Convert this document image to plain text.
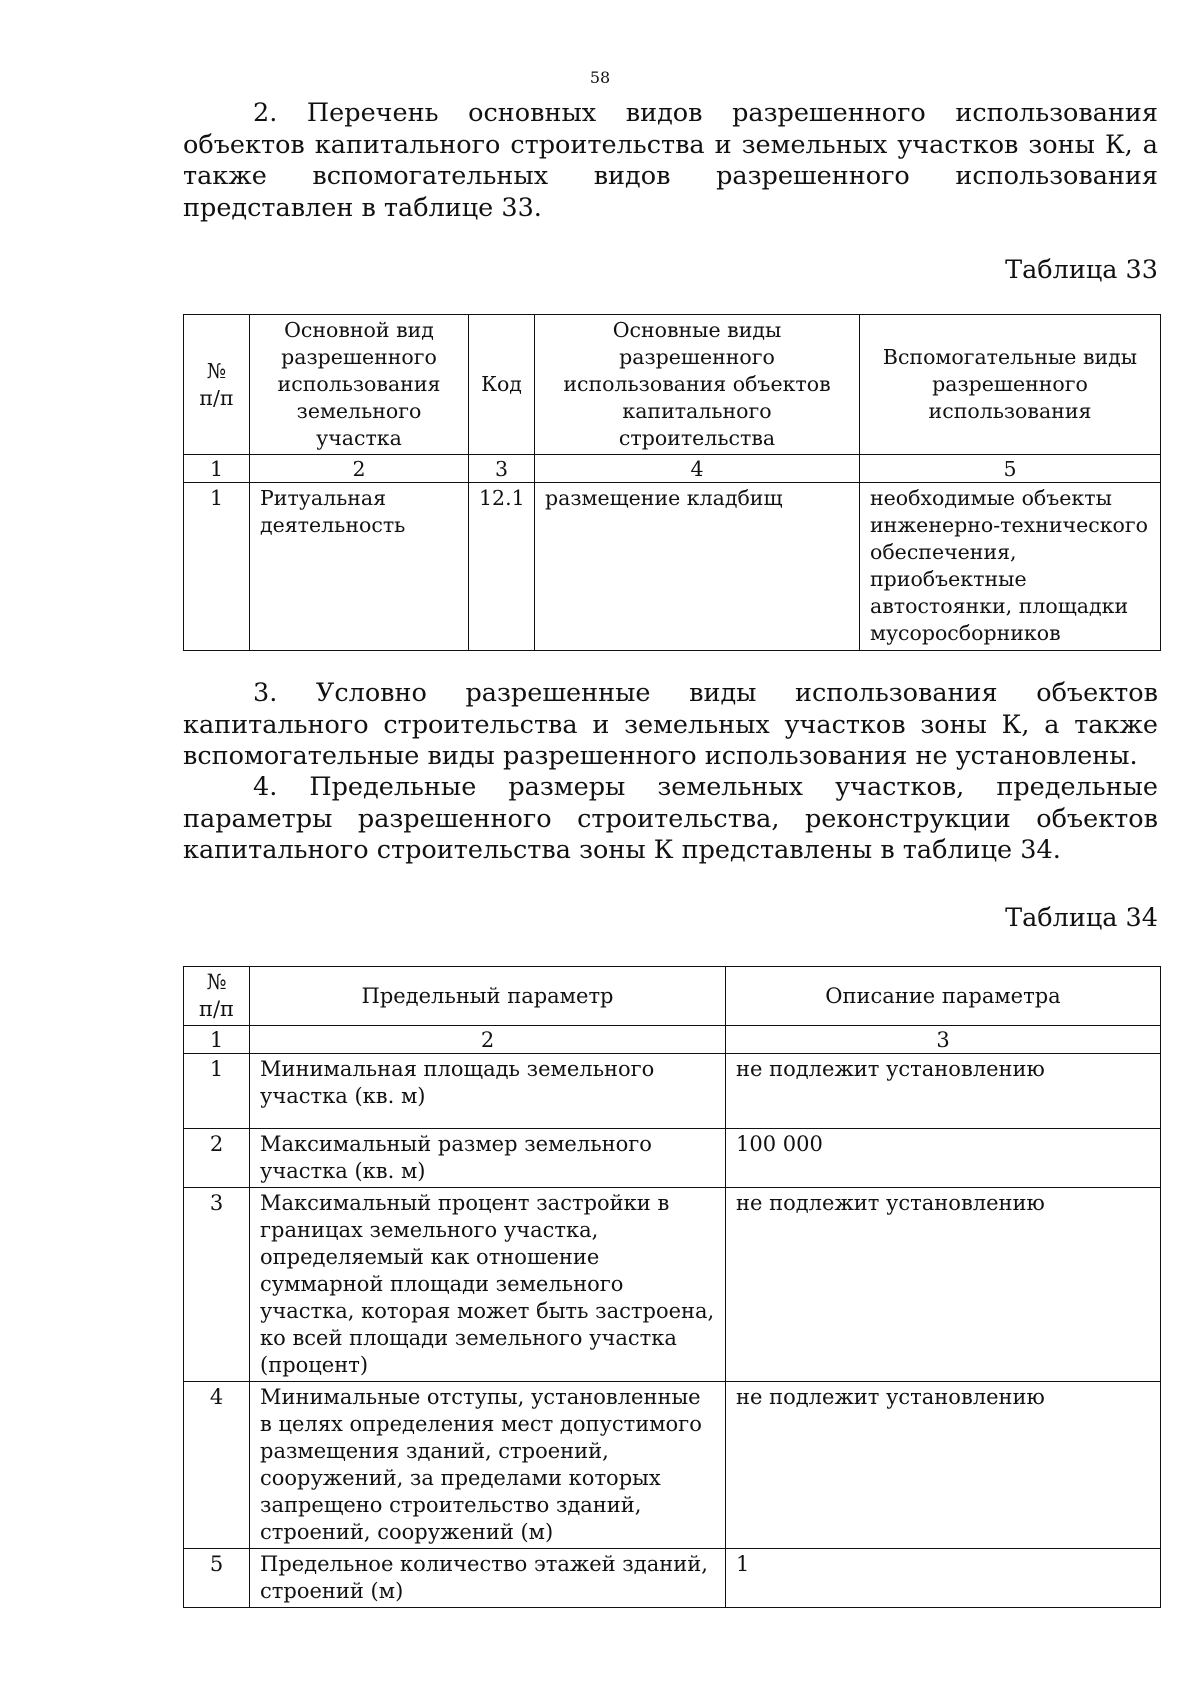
58

2. Перечень основных видов разрешенного использования объектов капитального строительства и земельных участков зоны К, а также вспомогательных видов разрешенного использования представлен в таблице 33.

Таблица 33
№ п/п	Основной вид разрешенного использования земельного участка	Код	Основные виды разрешенного использования объектов капитального строительства	Вспомогательные виды разрешенного использования
1	2	3	4	5
1	Ритуальная деятельность	12.1	размещение кладбищ	необходимые объекты инженерно-технического обеспечения, приобъектные автостоянки, площадки мусоросборников

3. Условно разрешенные виды использования объектов капитального строительства и земельных участков зоны К, а также вспомогательные виды разрешенного использования не установлены.

4. Предельные размеры земельных участков, предельные параметры разрешенного строительства, реконструкции объектов капитального строительства зоны К представлены в таблице 34.

Таблица 34
№ п/п	Предельный параметр	Описание параметра
1	2	3
1	Минимальная площадь земельного участка (кв. м)	не подлежит установлению
2	Максимальный размер земельного участка (кв. м)	100 000
3	Максимальный процент застройки в границах земельного участка, определяемый как отношение суммарной площади земельного участка, которая может быть застроена, ко всей площади земельного участка (процент)	не подлежит установлению
4	Минимальные отступы, установленные в целях определения мест допустимого размещения зданий, строений, сооружений, за пределами которых запрещено строительство зданий, строений, сооружений (м)	не подлежит установлению
5	Предельное количество этажей зданий, строений (м)	1
